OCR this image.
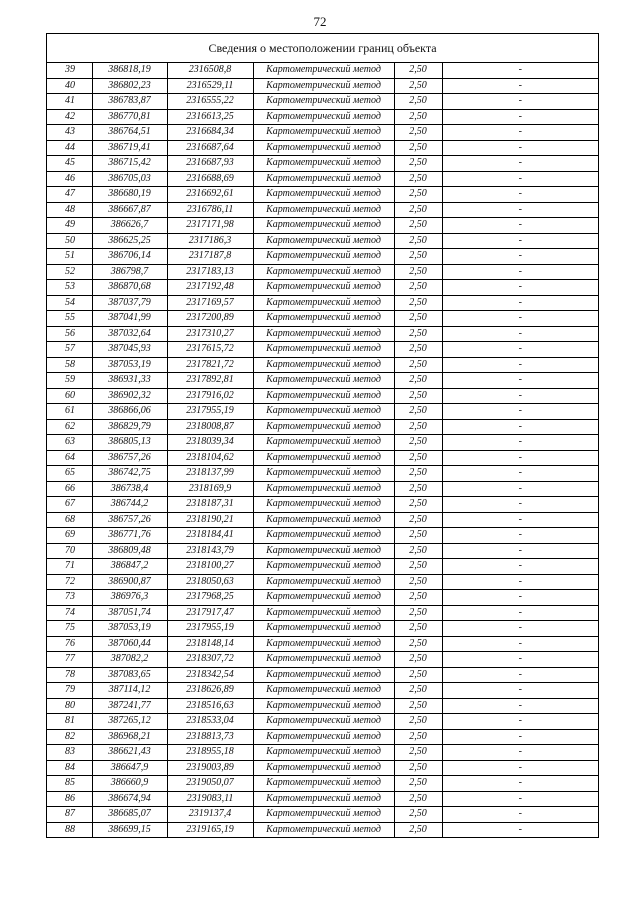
72
Сведения о местоположении границ объекта
39	386818,19	2316508,8	Картометрический метод	2,50	-
40	386802,23	2316529,11	Картометрический метод	2,50	-
41	386783,87	2316555,22	Картометрический метод	2,50	-
42	386770,81	2316613,25	Картометрический метод	2,50	-
43	386764,51	2316684,34	Картометрический метод	2,50	-
44	386719,41	2316687,64	Картометрический метод	2,50	-
45	386715,42	2316687,93	Картометрический метод	2,50	-
46	386705,03	2316688,69	Картометрический метод	2,50	-
47	386680,19	2316692,61	Картометрический метод	2,50	-
48	386667,87	2316786,11	Картометрический метод	2,50	-
49	386626,7	2317171,98	Картометрический метод	2,50	-
50	386625,25	2317186,3	Картометрический метод	2,50	-
51	386706,14	2317187,8	Картометрический метод	2,50	-
52	386798,7	2317183,13	Картометрический метод	2,50	-
53	386870,68	2317192,48	Картометрический метод	2,50	-
54	387037,79	2317169,57	Картометрический метод	2,50	-
55	387041,99	2317200,89	Картометрический метод	2,50	-
56	387032,64	2317310,27	Картометрический метод	2,50	-
57	387045,93	2317615,72	Картометрический метод	2,50	-
58	387053,19	2317821,72	Картометрический метод	2,50	-
59	386931,33	2317892,81	Картометрический метод	2,50	-
60	386902,32	2317916,02	Картометрический метод	2,50	-
61	386866,06	2317955,19	Картометрический метод	2,50	-
62	386829,79	2318008,87	Картометрический метод	2,50	-
63	386805,13	2318039,34	Картометрический метод	2,50	-
64	386757,26	2318104,62	Картометрический метод	2,50	-
65	386742,75	2318137,99	Картометрический метод	2,50	-
66	386738,4	2318169,9	Картометрический метод	2,50	-
67	386744,2	2318187,31	Картометрический метод	2,50	-
68	386757,26	2318190,21	Картометрический метод	2,50	-
69	386771,76	2318184,41	Картометрический метод	2,50	-
70	386809,48	2318143,79	Картометрический метод	2,50	-
71	386847,2	2318100,27	Картометрический метод	2,50	-
72	386900,87	2318050,63	Картометрический метод	2,50	-
73	386976,3	2317968,25	Картометрический метод	2,50	-
74	387051,74	2317917,47	Картометрический метод	2,50	-
75	387053,19	2317955,19	Картометрический метод	2,50	-
76	387060,44	2318148,14	Картометрический метод	2,50	-
77	387082,2	2318307,72	Картометрический метод	2,50	-
78	387083,65	2318342,54	Картометрический метод	2,50	-
79	387114,12	2318626,89	Картометрический метод	2,50	-
80	387241,77	2318516,63	Картометрический метод	2,50	-
81	387265,12	2318533,04	Картометрический метод	2,50	-
82	386968,21	2318813,73	Картометрический метод	2,50	-
83	386621,43	2318955,18	Картометрический метод	2,50	-
84	386647,9	2319003,89	Картометрический метод	2,50	-
85	386660,9	2319050,07	Картометрический метод	2,50	-
86	386674,94	2319083,11	Картометрический метод	2,50	-
87	386685,07	2319137,4	Картометрический метод	2,50	-
88	386699,15	2319165,19	Картометрический метод	2,50	-
